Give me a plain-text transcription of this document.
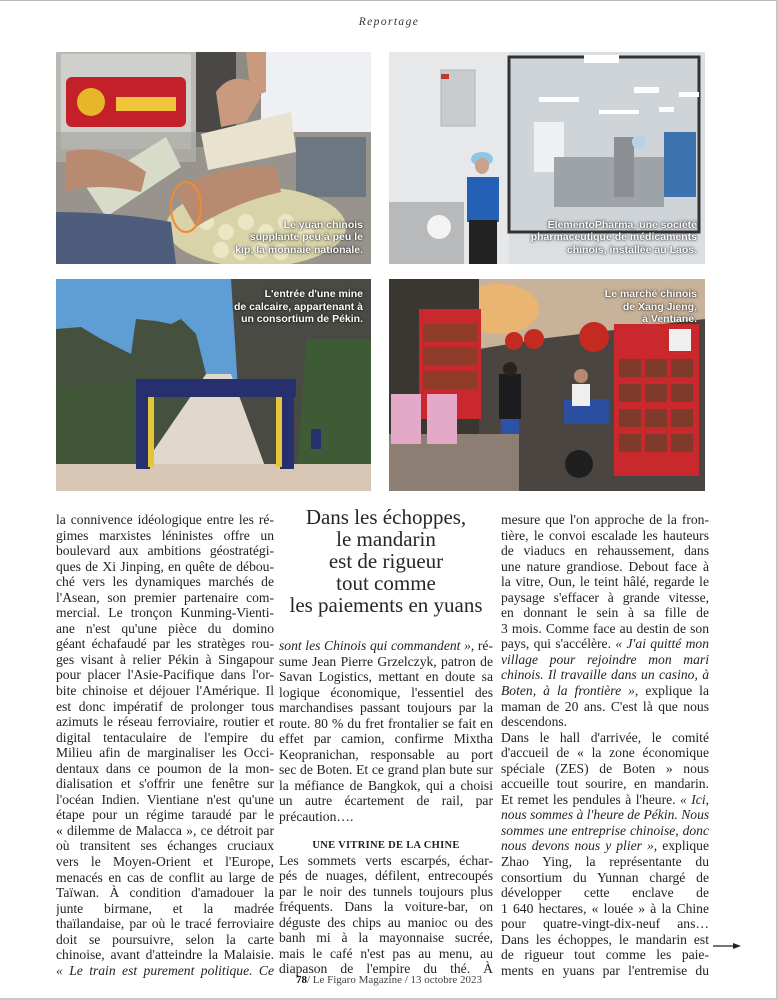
Reportage
Le yuan chinois
supplante peu à peu le
kip, la monnaie nationale.
ElementoPharma, une société
pharmaceutique de médicaments
chinois, installée au Laos.
L'entrée d'une mine
de calcaire, appartenant à
un consortium de Pékin.
Le marché chinois
de Xang Jieng,
à Ventiane.

la connivence idéologique entre les ré-
gimes marxistes léninistes offre un
boulevard aux ambitions géostratégi-
ques de Xi Jinping, en quête de débou-
ché vers les dynamiques marchés de
l'Asean, son premier partenaire com-
mercial. Le tronçon Kunming-Vienti-
ane n'est qu'une pièce du domino
géant échafaudé par les stratèges rou-
ges visant à relier Pékin à Singapour
pour placer l'Asie-Pacifique dans l'or-
bite chinoise et déjouer l'Amérique. Il
est donc impératif de prolonger tous
azimuts le réseau ferroviaire, routier et
digital tentaculaire de l'empire du
Milieu afin de marginaliser les Occi-
dentaux dans ce poumon de la mon-
dialisation et s'offrir une fenêtre sur
l'océan Indien. Vientiane n'est qu'une
étape pour un régime taraudé par le
« dilemme de Malacca », ce détroit par
où transitent ses échanges cruciaux
vers le Moyen-Orient et l'Europe,
menacés en cas de conflit au large de
Taïwan. À condition d'amadouer la
junte birmane, et la madrée
thaïlandaise, par où le tracé ferroviaire
doit se poursuivre, selon la carte
chinoise, avant d'atteindre la Malaisie.
« Le train est purement politique. Ce

Dans les échoppes,
le mandarin
est de rigueur
tout comme
les paiements en yuans

sont les Chinois qui commandent », ré-
sume Jean Pierre Grzelczyk, patron de
Savan Logistics, mettant en doute sa
logique économique, l'essentiel des
marchandises passant toujours par la
route. 80 % du fret frontalier se fait en
effet par camion, confirme Mixtha
Keopranichan, responsable au port
sec de Boten. Et ce grand plan bute sur
la méfiance de Bangkok, qui a choisi
un autre écartement de rail, par
précaution….

UNE VITRINE DE LA CHINE

Les sommets verts escarpés, échar-
pés de nuages, défilent, entrecoupés
par le noir des tunnels toujours plus
fréquents. Dans la voiture-bar, on
déguste des chips au manioc ou des
banh mi à la mayonnaise sucrée,
mais le café n'est pas au menu, au
diapason de l'empire du thé. À

mesure que l'on approche de la fron-
tière, le convoi escalade les hauteurs
de viaducs en rehaussement, dans
une nature grandiose. Debout face à
la vitre, Oun, le teint hâlé, regarde le
paysage s'effacer à grande vitesse,
en donnant le sein à sa fille de
3 mois. Comme face au destin de son
pays, qui s'accélère. « J'ai quitté mon
village pour rejoindre mon mari
chinois. Il travaille dans un casino, à
Boten, à la frontière », explique la
maman de 20 ans. C'est là que nous
descendons.

Dans le hall d'arrivée, le comité
d'accueil de « la zone économique
spéciale (ZES) de Boten » nous
accueille tout sourire, en mandarin.
Et remet les pendules à l'heure. « Ici,
nous sommes à l'heure de Pékin. Nous
sommes une entreprise chinoise, donc
nous devons nous y plier », explique
Zhao Ying, la représentante du
consortium du Yunnan chargé de
développer cette enclave de
1 640 hectares, « louée » à la Chine
pour quatre-vingt-dix-neuf ans…
Dans les échoppes, le mandarin est
de rigueur tout comme les paie-
ments en yuans par l'entremise du

78/ Le Figaro Magazine / 13 octobre 2023
